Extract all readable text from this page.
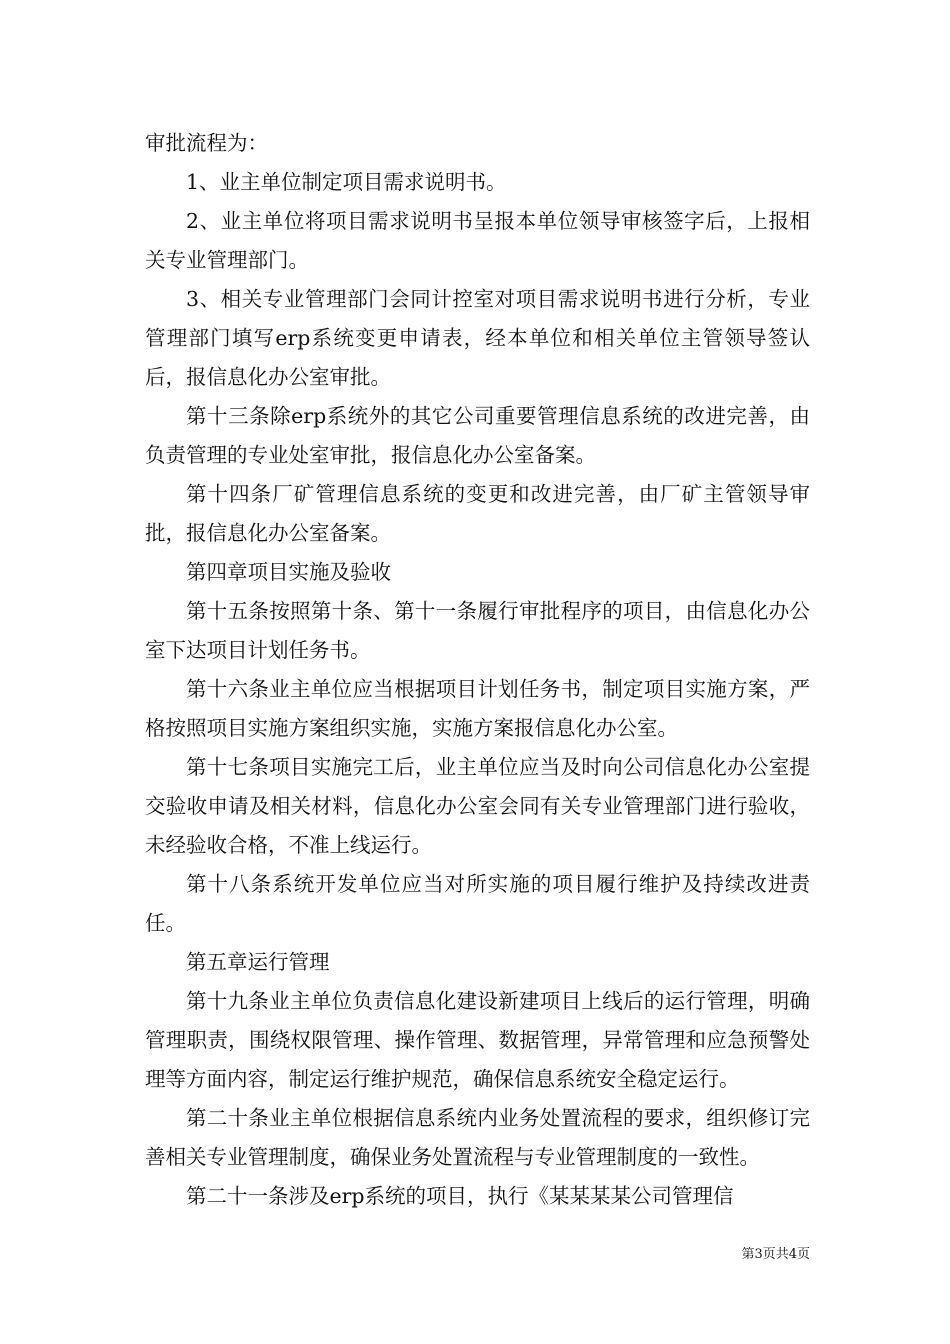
审批流程为：

1、业主单位制定项目需求说明书。

2、业主单位将项目需求说明书呈报本单位领导审核签字后，上报相关专业管理部门。

3、相关专业管理部门会同计控室对项目需求说明书进行分析，专业管理部门填写erp系统变更申请表，经本单位和相关单位主管领导签认后，报信息化办公室审批。

第十三条除erp系统外的其它公司重要管理信息系统的改进完善，由负责管理的专业处室审批，报信息化办公室备案。

第十四条厂矿管理信息系统的变更和改进完善，由厂矿主管领导审批，报信息化办公室备案。

第四章项目实施及验收

第十五条按照第十条、第十一条履行审批程序的项目，由信息化办公室下达项目计划任务书。

第十六条业主单位应当根据项目计划任务书，制定项目实施方案，严格按照项目实施方案组织实施，实施方案报信息化办公室。

第十七条项目实施完工后，业主单位应当及时向公司信息化办公室提交验收申请及相关材料，信息化办公室会同有关专业管理部门进行验收，未经验收合格，不准上线运行。

第十八条系统开发单位应当对所实施的项目履行维护及持续改进责任。

第五章运行管理

第十九条业主单位负责信息化建设新建项目上线后的运行管理，明确管理职责，围绕权限管理、操作管理、数据管理，异常管理和应急预警处理等方面内容，制定运行维护规范，确保信息系统安全稳定运行。

第二十条业主单位根据信息系统内业务处置流程的要求，组织修订完善相关专业管理制度，确保业务处置流程与专业管理制度的一致性。

第二十一条涉及erp系统的项目，执行《某某某某公司管理信

第3页共4页
